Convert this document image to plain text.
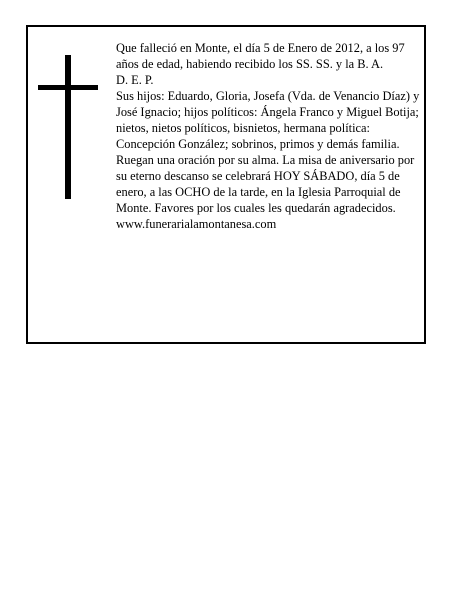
Que falleció en Monte, el día 5 de Enero de 2012, a los 97 años de edad, habiendo recibido los SS. SS. y la B. A.

D. E. P.

Sus hijos: Eduardo, Gloria, Josefa (Vda. de Venancio Díaz) y José Ignacio; hijos políticos: Ángela Franco y Miguel Botija; nietos, nietos políticos, bisnietos, hermana política: Concepción González; sobrinos, primos y demás familia.

Ruegan una oración por su alma. La misa de aniversario por su eterno descanso se celebrará HOY SÁBADO, día 5 de enero, a las OCHO de la tarde, en la Iglesia Parroquial de Monte. Favores por los cuales les quedarán agradecidos.

www.funerarialamontanesa.com
